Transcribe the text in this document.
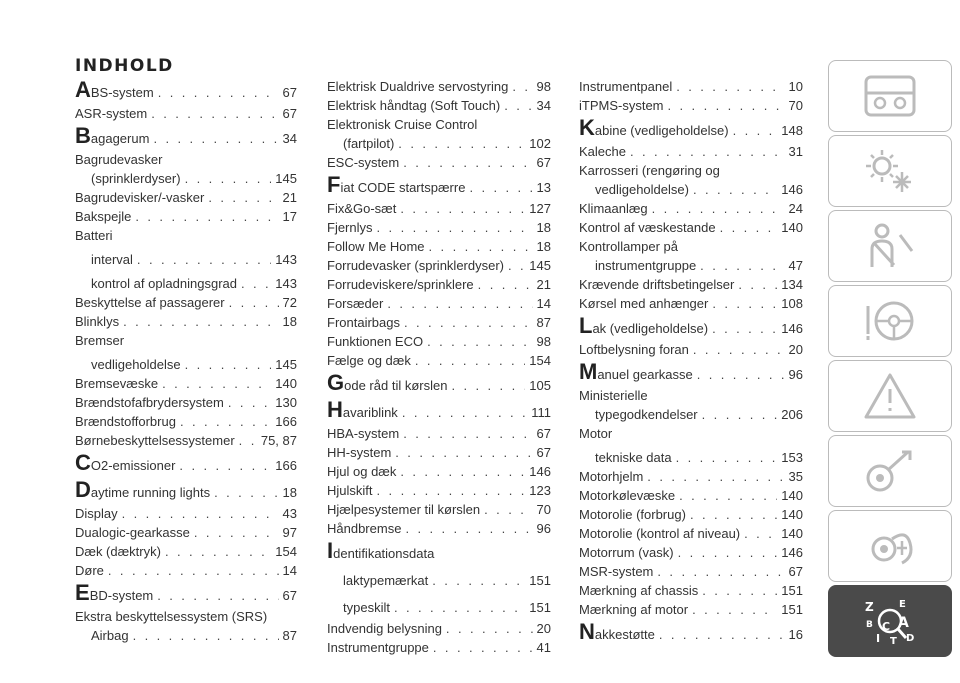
INDHOLD
ABS-system . . .	67
ASR-system . . .	67
Bagagerum . . .	34
Bagrudevasker
(sprinklerdyser) . . .	145
Bagrudevisker/-vasker . . .	21
Bakspejle . . .	17
Batteri
interval . . .	143
kontrol af opladningsgrad . . .	143
Beskyttelse af passagerer . . .	72
Blinklys . . .	18
Bremser
vedligeholdelse . . .	145
Bremsevæske . . .	140
Brændstofafbrydersystem . . .	130
Brændstofforbrug . . .	166
Børnebeskyttelsessystemer . . . 75, 87
CO2-emissioner . . .	166
Daytime running lights . . .	18
Display . . .	43
Dualogic-gearkasse . . .	97
Dæk (dæktryk) . . .	154
Døre . . .	14
EBD-system . . .	67
Ekstra beskyttelsessystem (SRS)
Airbag . . .	87
Elektrisk Dualdrive servostyring . . . 98
Elektrisk håndtag (Soft Touch) . . .	34
Elektronisk Cruise Control
(fartpilot) . . .	102
ESC-system . . .	67
Fiat CODE startspærre . . .	13
Fix&Go-sæt . . .	127
Fjernlys . . .	18
Follow Me Home . . .	18
Forrudevasker (sprinklerdyser) . . . 145
Forrudeviskere/sprinklere . . .	21
Forsæder . . .	14
Frontairbags . . .	87
Funktionen ECO . . .	98
Fælge og dæk . . .	154
Gode råd til kørslen . . .	105
Havariblink . . .	111
HBA-system . . .	67
HH-system . . .	67
Hjul og dæk . . .	146
Hjulskift . . .	123
Hjælpesystemer til kørslen . . .	70
Håndbremse . . .	96
Identifikationsdata
laktypemærkat . . .	151
typeskilt . . .	151
Indvendig belysning . . .	20
Instrumentgruppe . . .	41
Instrumentpanel . . .	10
iTPMS-system . . .	70
Kabine (vedligeholdelse) . . .	148
Kaleche . . .	31
Karrosseri (rengøring og
vedligeholdelse) . . .	146
Klimaanlæg . . .	24
Kontrol af væskestande . . .	140
Kontrollamper på
instrumentgruppe . . .	47
Krævende driftsbetingelser . . .	134
Kørsel med anhænger . . .	108
Lak (vedligeholdelse) . . .	146
Loftbelysning foran . . .	20
Manuel gearkasse . . .	96
Ministerielle
typegodkendelser . . .	206
Motor
tekniske data . . .	153
Motorhjelm . . .	35
Motorkølevæske . . .	140
Motorolie (forbrug) . . .	140
Motorolie (kontrol af niveau) . . .	140
Motorrum (vask) . . .	146
MSR-system . . .	67
Mærkning af chassis . . .	151
Mærkning af motor . . .	151
Nakkestøtte . . .	16
Z	E
B A
I
C
T D
